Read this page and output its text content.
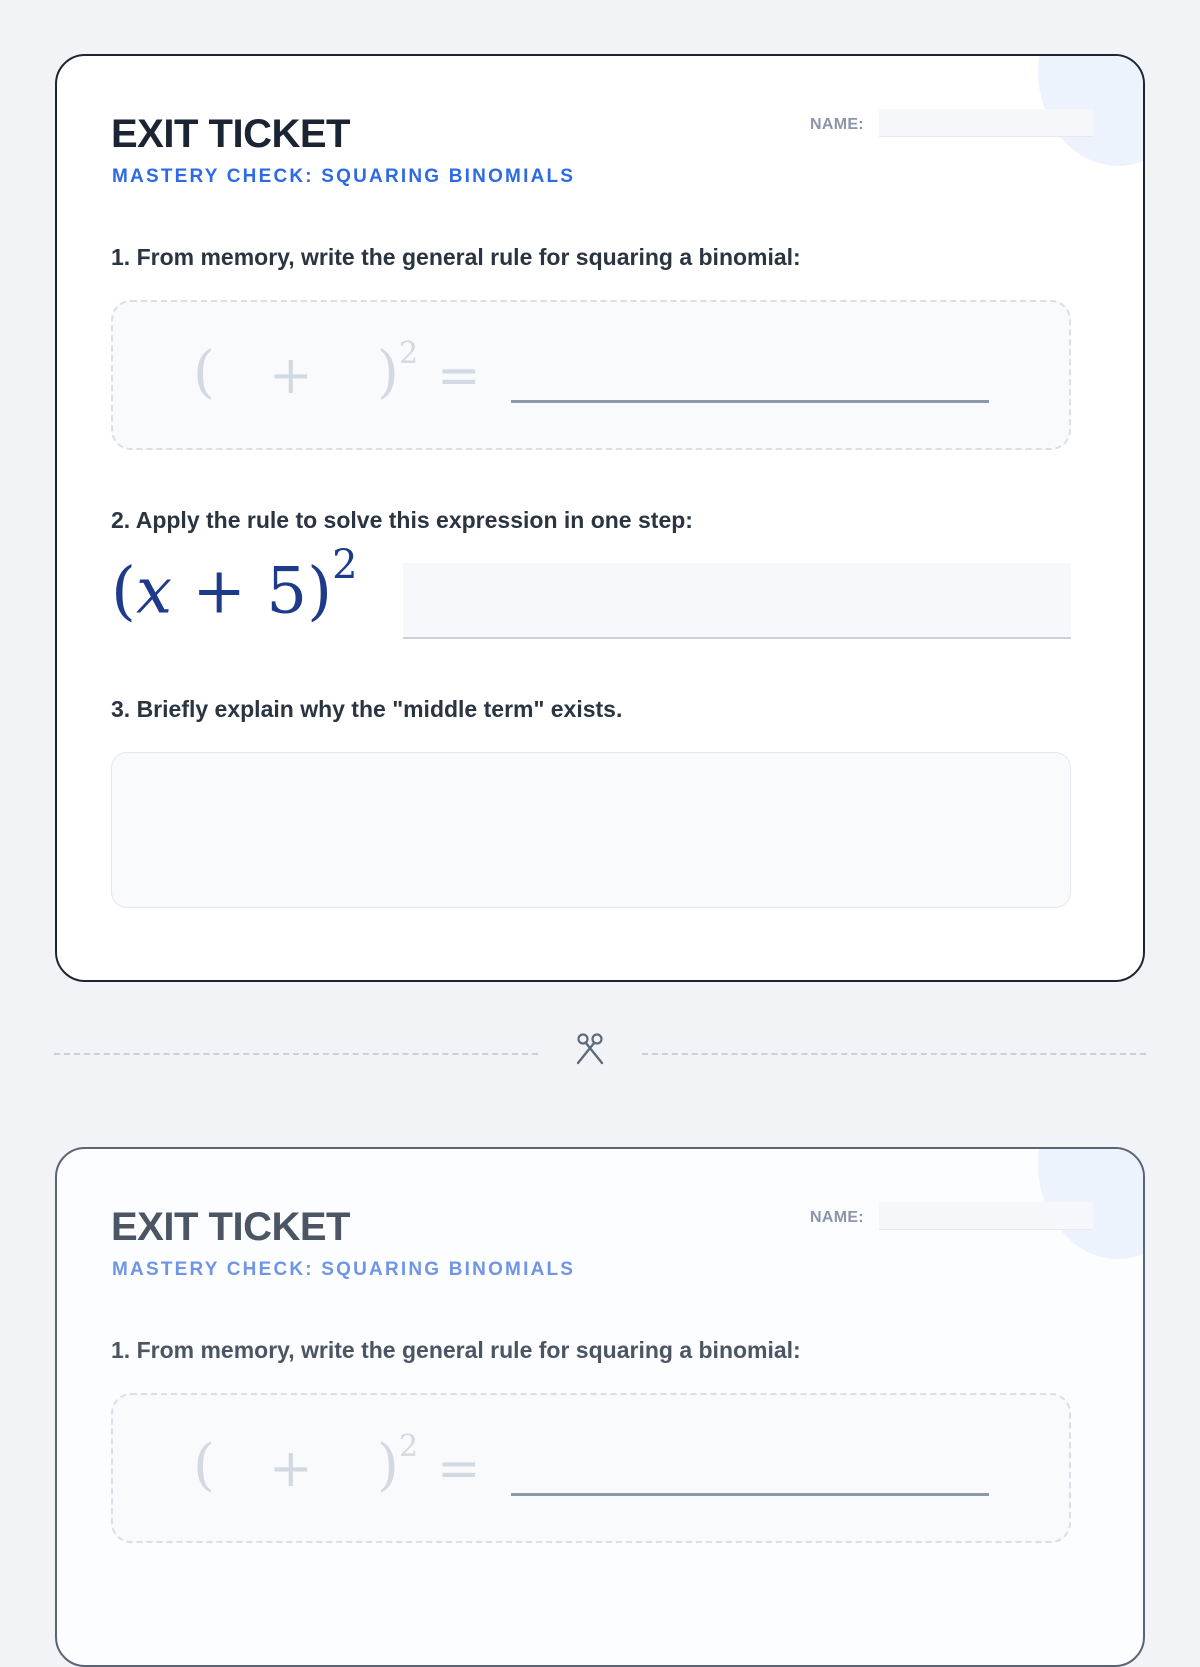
EXIT TICKET
MASTERY CHECK: SQUARING BINOMIALS
NAME:
1. From memory, write the general rule for squaring a binomial:
( + ) 2 =
2. Apply the rule to solve this expression in one step:
$(x + 5)^2$
3. Briefly explain why the "middle term" exists.
EXIT TICKET
MASTERY CHECK: SQUARING BINOMIALS
NAME:
1. From memory, write the general rule for squaring a binomial:
( + ) 2 =
